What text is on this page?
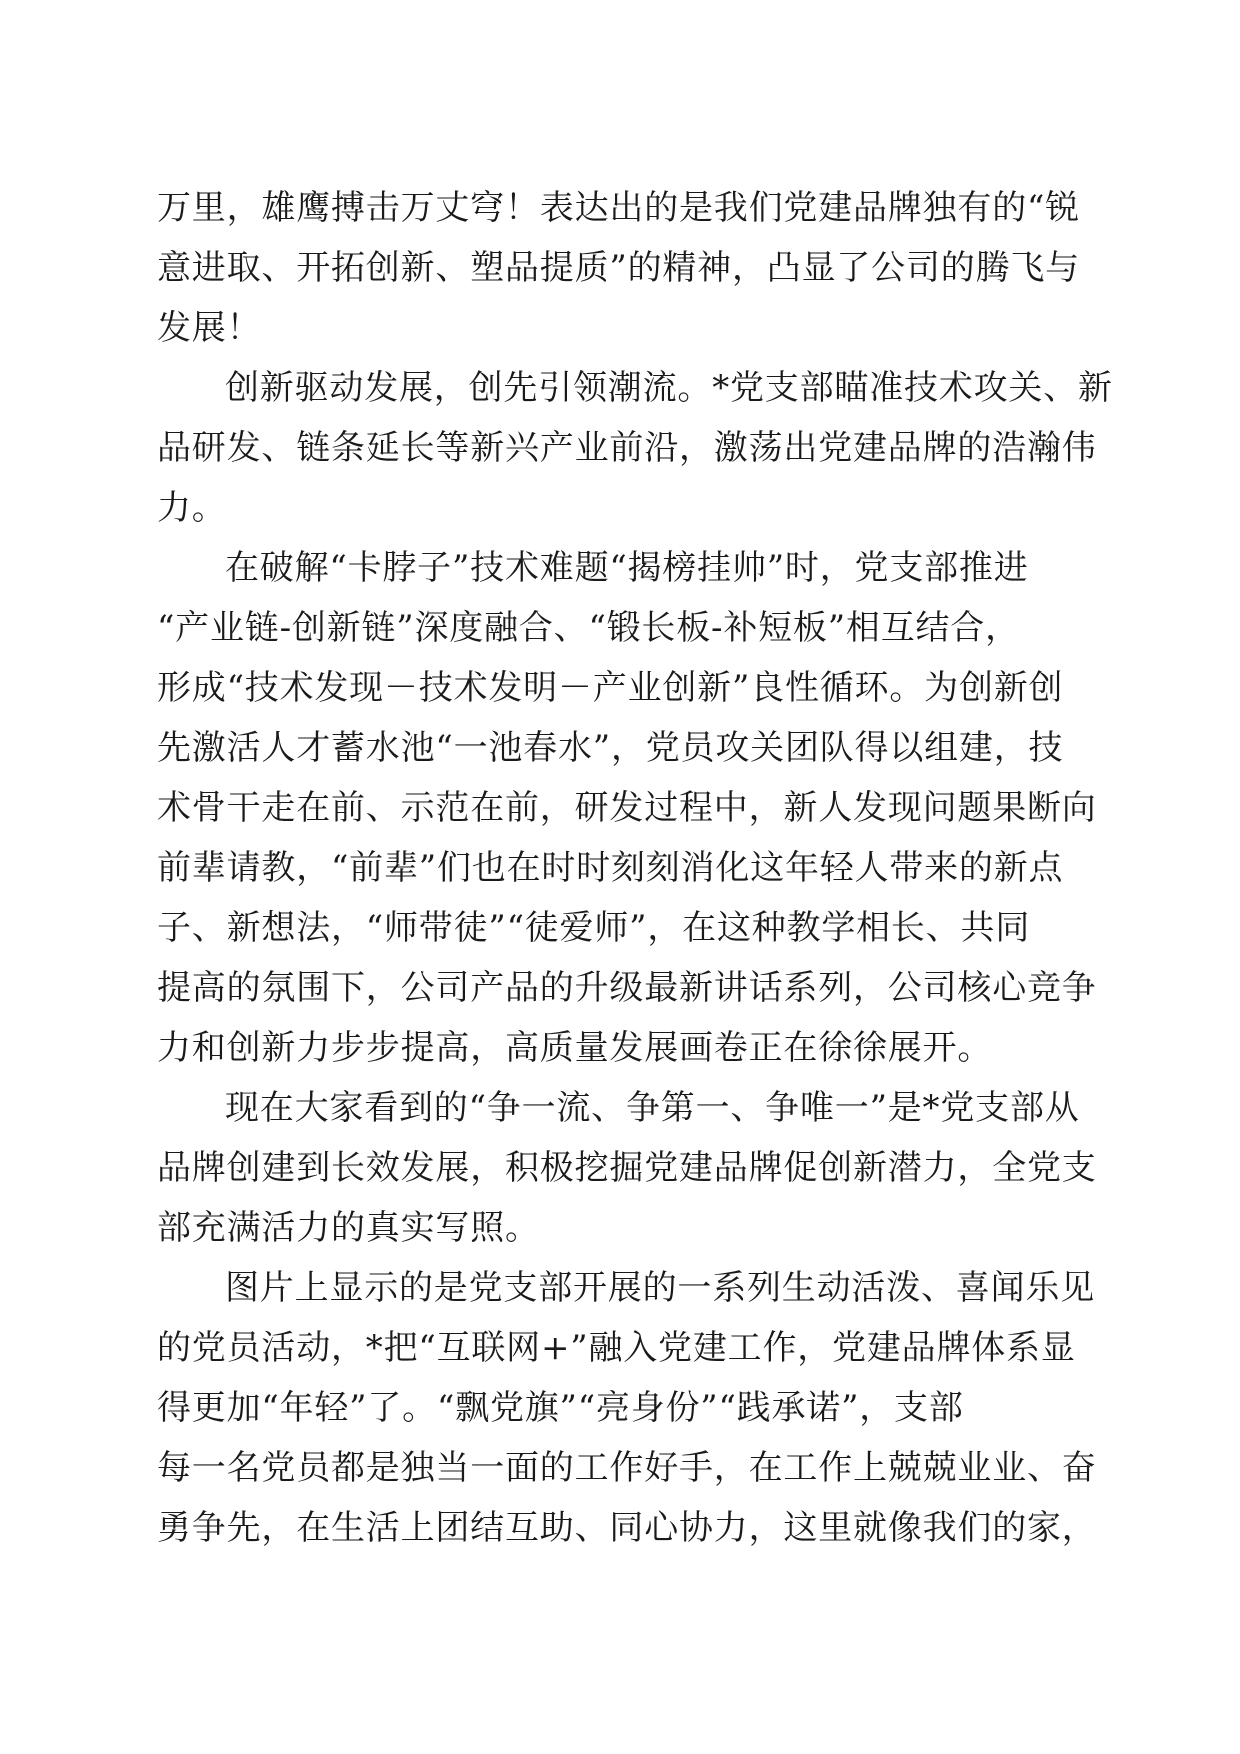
万里，雄鹰搏击万丈穹！表达出的是我们党建品牌独有的“锐
意进取、开拓创新、塑品提质”的精神，凸显了公司的腾飞与
发展！
创新驱动发展，创先引领潮流。*党支部瞄准技术攻关、新
品研发、链条延长等新兴产业前沿，激荡出党建品牌的浩瀚伟
力。
在破解“卡脖子”技术难题“揭榜挂帅”时，党支部推进
“产业链-创新链”深度融合、“锻长板-补短板”相互结合，
形成“技术发现－技术发明－产业创新”良性循环。为创新创
先激活人才蓄水池“一池春水”，党员攻关团队得以组建，技
术骨干走在前、示范在前，研发过程中，新人发现问题果断向
前辈请教，“前辈”们也在时时刻刻消化这年轻人带来的新点
子、新想法，“师带徒”“徒爱师”，在这种教学相长、共同
提高的氛围下，公司产品的升级最新讲话系列，公司核心竞争
力和创新力步步提高，高质量发展画卷正在徐徐展开。
现在大家看到的“争一流、争第一、争唯一”是*党支部从
品牌创建到长效发展，积极挖掘党建品牌促创新潜力，全党支
部充满活力的真实写照。
图片上显示的是党支部开展的一系列生动活泼、喜闻乐见
的党员活动，*把“互联网+”融入党建工作，党建品牌体系显
得更加“年轻”了。“飘党旗”“亮身份”“践承诺”，支部
每一名党员都是独当一面的工作好手，在工作上兢兢业业、奋
勇争先，在生活上团结互助、同心协力，这里就像我们的家，
